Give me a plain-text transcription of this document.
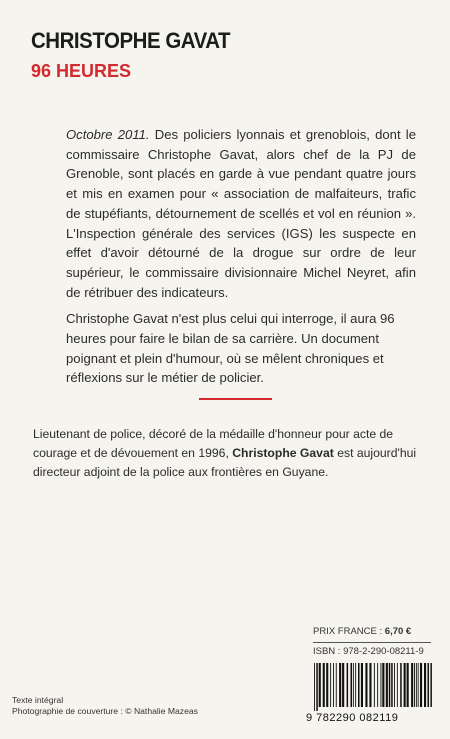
CHRISTOPHE GAVAT
96 HEURES

Octobre 2011. Des policiers lyonnais et grenoblois, dont le commissaire Christophe Gavat, alors chef de la PJ de Grenoble, sont placés en garde à vue pendant quatre jours et mis en examen pour « association de malfaiteurs, trafic de stupéfiants, détournement de scellés et vol en réunion ». L'Inspection générale des services (IGS) les suspecte en effet d'avoir détourné de la drogue sur ordre de leur supérieur, le commissaire divisionnaire Michel Neyret, afin de rétribuer des indicateurs.

Christophe Gavat n'est plus celui qui interroge, il aura 96 heures pour faire le bilan de sa carrière. Un document poignant et plein d'humour, où se mêlent chroniques et réflexions sur le métier de policier.

Lieutenant de police, décoré de la médaille d'honneur pour acte de courage et de dévouement en 1996, Christophe Gavat est aujourd'hui directeur adjoint de la police aux frontières en Guyane.

PRIX FRANCE : 6,70 €
ISBN : 978-2-290-08211-9
9 782290 082119
Texte intégral
Photographie de couverture : © Nathalie Mazeas
